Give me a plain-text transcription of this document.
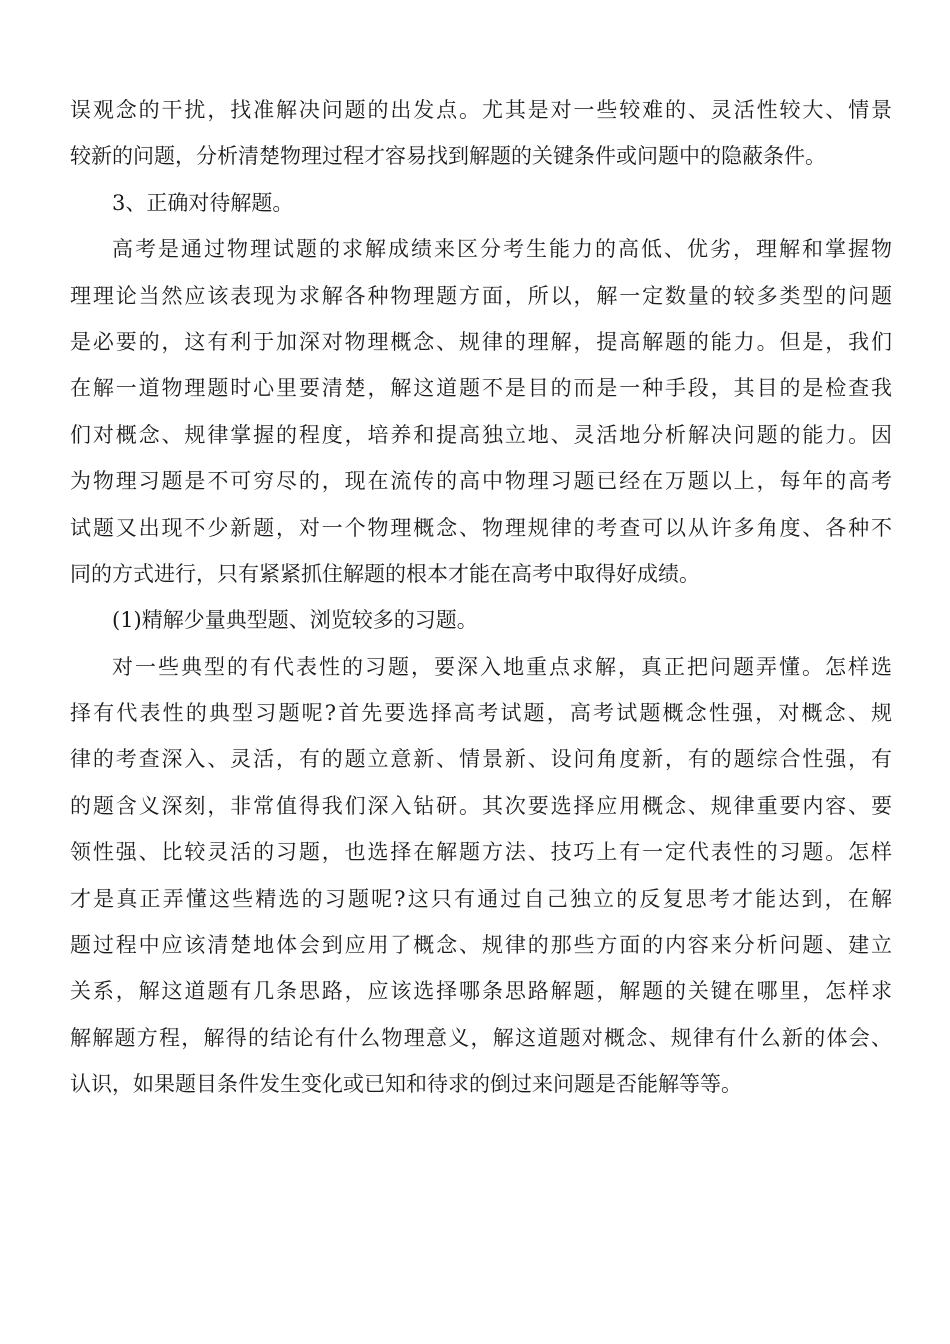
误观念的干扰，找准解决问题的出发点。尤其是对一些较难的、灵活性较大、情景
较新的问题，分析清楚物理过程才容易找到解题的关键条件或问题中的隐蔽条件。
3、正确对待解题。
高考是通过物理试题的求解成绩来区分考生能力的高低、优劣，理解和掌握物
理理论当然应该表现为求解各种物理题方面，所以，解一定数量的较多类型的问题
是必要的，这有利于加深对物理概念、规律的理解，提高解题的能力。但是，我们
在解一道物理题时心里要清楚，解这道题不是目的而是一种手段，其目的是检查我
们对概念、规律掌握的程度，培养和提高独立地、灵活地分析解决问题的能力。因
为物理习题是不可穷尽的，现在流传的高中物理习题已经在万题以上，每年的高考
试题又出现不少新题，对一个物理概念、物理规律的考查可以从许多角度、各种不
同的方式进行，只有紧紧抓住解题的根本才能在高考中取得好成绩。
(1)精解少量典型题、浏览较多的习题。
对一些典型的有代表性的习题，要深入地重点求解，真正把问题弄懂。怎样选
择有代表性的典型习题呢?首先要选择高考试题，高考试题概念性强，对概念、规
律的考查深入、灵活，有的题立意新、情景新、设问角度新，有的题综合性强，有
的题含义深刻，非常值得我们深入钻研。其次要选择应用概念、规律重要内容、要
领性强、比较灵活的习题，也选择在解题方法、技巧上有一定代表性的习题。怎样
才是真正弄懂这些精选的习题呢?这只有通过自己独立的反复思考才能达到，在解
题过程中应该清楚地体会到应用了概念、规律的那些方面的内容来分析问题、建立
关系，解这道题有几条思路，应该选择哪条思路解题，解题的关键在哪里，怎样求
解解题方程，解得的结论有什么物理意义，解这道题对概念、规律有什么新的体会、
认识，如果题目条件发生变化或已知和待求的倒过来问题是否能解等等。
